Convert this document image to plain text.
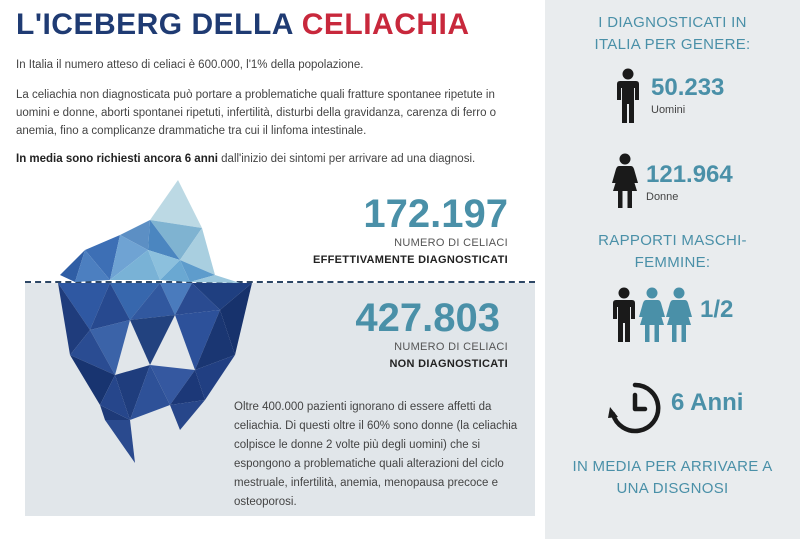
L'ICEBERG DELLA CELIACHIA
In Italia il numero atteso di celiaci è 600.000, l'1% della popolazione.
La celiachia non diagnosticata può portare a problematiche quali fratture spontanee ripetute in uomini e donne, aborti spontanei ripetuti, infertilità, disturbi della gravidanza, carenza di ferro o anemia, fino a complicanze drammatiche tra cui il linfoma intestinale.
In media sono richiesti ancora 6 anni dall'inizio dei sintomi per arrivare ad una diagnosi.
172.197
NUMERO DI CELIACI
EFFETTIVAMENTE DIAGNOSTICATI
427.803
NUMERO DI CELIACI
NON DIAGNOSTICATI
Oltre 400.000 pazienti ignorano di essere affetti da celiachia. Di questi oltre il 60% sono donne (la celiachia colpisce le donne 2 volte più degli uomini) che si espongono a problematiche quali alterazioni del ciclo mestruale, infertilità, anemia, menopausa precoce e osteoporosi.
I DIAGNOSTICATI IN ITALIA PER GENERE:
50.233
Uomini
121.964
Donne
RAPPORTI MASCHI-FEMMINE:
1/2
6 Anni
IN MEDIA PER ARRIVARE A UNA DISGNOSI
